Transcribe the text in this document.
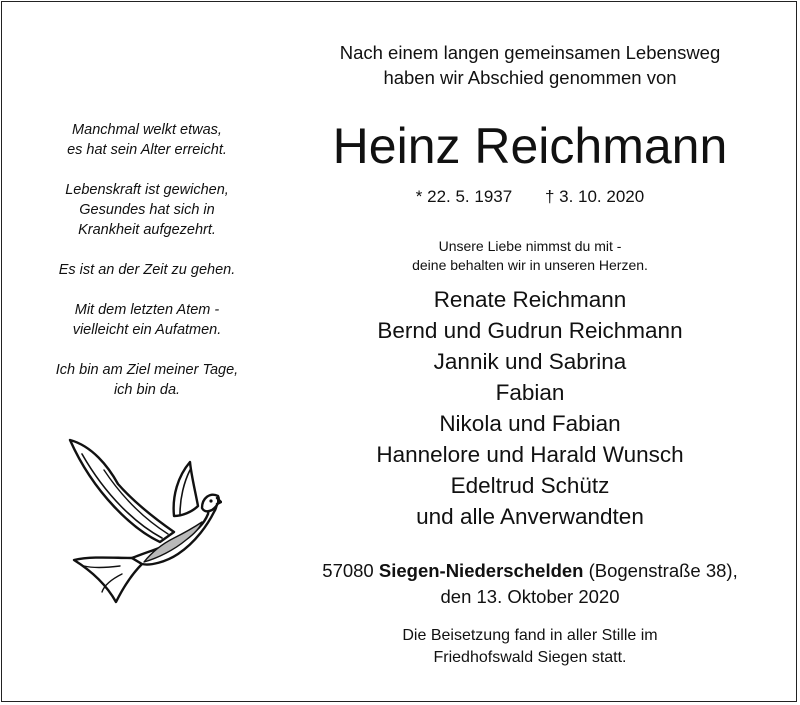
Manchmal welkt etwas,
es hat sein Alter erreicht.
Lebenskraft ist gewichen,
Gesundes hat sich in
Krankheit aufgezehrt.
Es ist an der Zeit zu gehen.
Mit dem letzten Atem -
vielleicht ein Aufatmen.
Ich bin am Ziel meiner Tage,
ich bin da.
Nach einem langen gemeinsamen Lebensweg
haben wir Abschied genommen von
Heinz Reichmann
* 22. 5. 1937 † 3. 10. 2020
Unsere Liebe nimmst du mit -
deine behalten wir in unseren Herzen.
Renate Reichmann
Bernd und Gudrun Reichmann
Jannik und Sabrina
Fabian
Nikola und Fabian
Hannelore und Harald Wunsch
Edeltrud Schütz
und alle Anverwandten
57080 Siegen-Niederschelden (Bogenstraße 38),
den 13. Oktober 2020
Die Beisetzung fand in aller Stille im
Friedhofswald Siegen statt.
